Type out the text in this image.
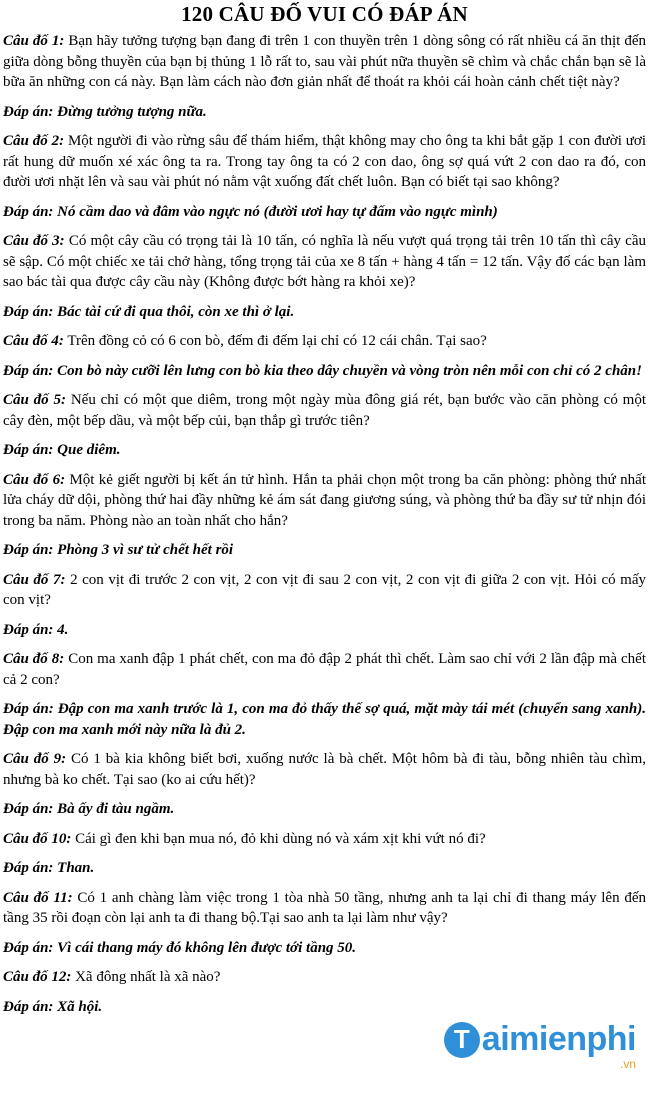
120 CÂU ĐỐ VUI CÓ ĐÁP ÁN
Câu đố 1: Bạn hãy tưởng tượng bạn đang đi trên 1 con thuyền trên 1 dòng sông có rất nhiều cá ăn thịt đến giữa dòng bỗng thuyền của bạn bị thủng 1 lỗ rất to, sau vài phút nữa thuyền sẽ chìm và chắc chắn bạn sẽ là bữa ăn những con cá này. Bạn làm cách nào đơn giản nhất để thoát ra khỏi cái hoàn cảnh chết tiệt này?
Đáp án: Đừng tưởng tượng nữa.
Câu đố 2: Một người đi vào rừng sâu để thám hiểm, thật không may cho ông ta khi bắt gặp 1 con đười ươi rất hung dữ muốn xé xác ông ta ra. Trong tay ông ta có 2 con dao, ông sợ quá vứt 2 con dao ra đó, con đười ươi nhặt lên và sau vài phút nó nằm vật xuống đất chết luôn. Bạn có biết tại sao không?
Đáp án: Nó cầm dao và đâm vào ngực nó (đười ươi hay tự đấm vào ngực mình)
Câu đố 3: Có một cây cầu có trọng tải là 10 tấn, có nghĩa là nếu vượt quá trọng tải trên 10 tấn thì cây cầu sẽ sập. Có một chiếc xe tải chở hàng, tổng trọng tải của xe 8 tấn + hàng 4 tấn = 12 tấn. Vậy đố các bạn làm sao bác tài qua được cây cầu này (Không được bớt hàng ra khỏi xe)?
Đáp án: Bác tài cứ đi qua thôi, còn xe thì ở lại.
Câu đố 4: Trên đồng cỏ có 6 con bò, đếm đi đếm lại chỉ có 12 cái chân. Tại sao?
Đáp án: Con bò này cưỡi lên lưng con bò kia theo dây chuyền và vòng tròn nên mỗi con chỉ có 2 chân!
Câu đố 5: Nếu chỉ có một que diêm, trong một ngày mùa đông giá rét, bạn bước vào căn phòng có một cây đèn, một bếp dầu, và một bếp củi, bạn thắp gì trước tiên?
Đáp án: Que diêm.
Câu đố 6: Một kẻ giết người bị kết án tử hình. Hắn ta phải chọn một trong ba căn phòng: phòng thứ nhất lửa cháy dữ dội, phòng thứ hai đầy những kẻ ám sát đang giương súng, và phòng thứ ba đầy sư tử nhịn đói trong ba năm. Phòng nào an toàn nhất cho hắn?
Đáp án: Phòng 3 vì sư tử chết hết rồi
Câu đố 7: 2 con vịt đi trước 2 con vịt, 2 con vịt đi sau 2 con vịt, 2 con vịt đi giữa 2 con vịt. Hỏi có mấy con vịt?
Đáp án: 4.
Câu đố 8: Con ma xanh đập 1 phát chết, con ma đỏ đập 2 phát thì chết. Làm sao chỉ với 2 lần đập mà chết cả 2 con?
Đáp án: Đập con ma xanh trước là 1, con ma đỏ thấy thế sợ quá, mặt mày tái mét (chuyển sang xanh). Đập con ma xanh mới này nữa là đủ 2.
Câu đố 9: Có 1 bà kia không biết bơi, xuống nước là bà chết. Một hôm bà đi tàu, bỗng nhiên tàu chìm, nhưng bà ko chết. Tại sao (ko ai cứu hết)?
Đáp án: Bà ấy đi tàu ngầm.
Câu đố 10: Cái gì đen khi bạn mua nó, đỏ khi dùng nó và xám xịt khi vứt nó đi?
Đáp án: Than.
Câu đố 11: Có 1 anh chàng làm việc trong 1 tòa nhà 50 tầng, nhưng anh ta lại chỉ đi thang máy lên đến tầng 35 rồi đoạn còn lại anh ta đi thang bộ.Tại sao anh ta lại làm như vậy?
Đáp án: Vì cái thang máy đó không lên được tới tầng 50.
Câu đố 12: Xã đông nhất là xã nào?
Đáp án: Xã hội.
T aimienphi
.vn
